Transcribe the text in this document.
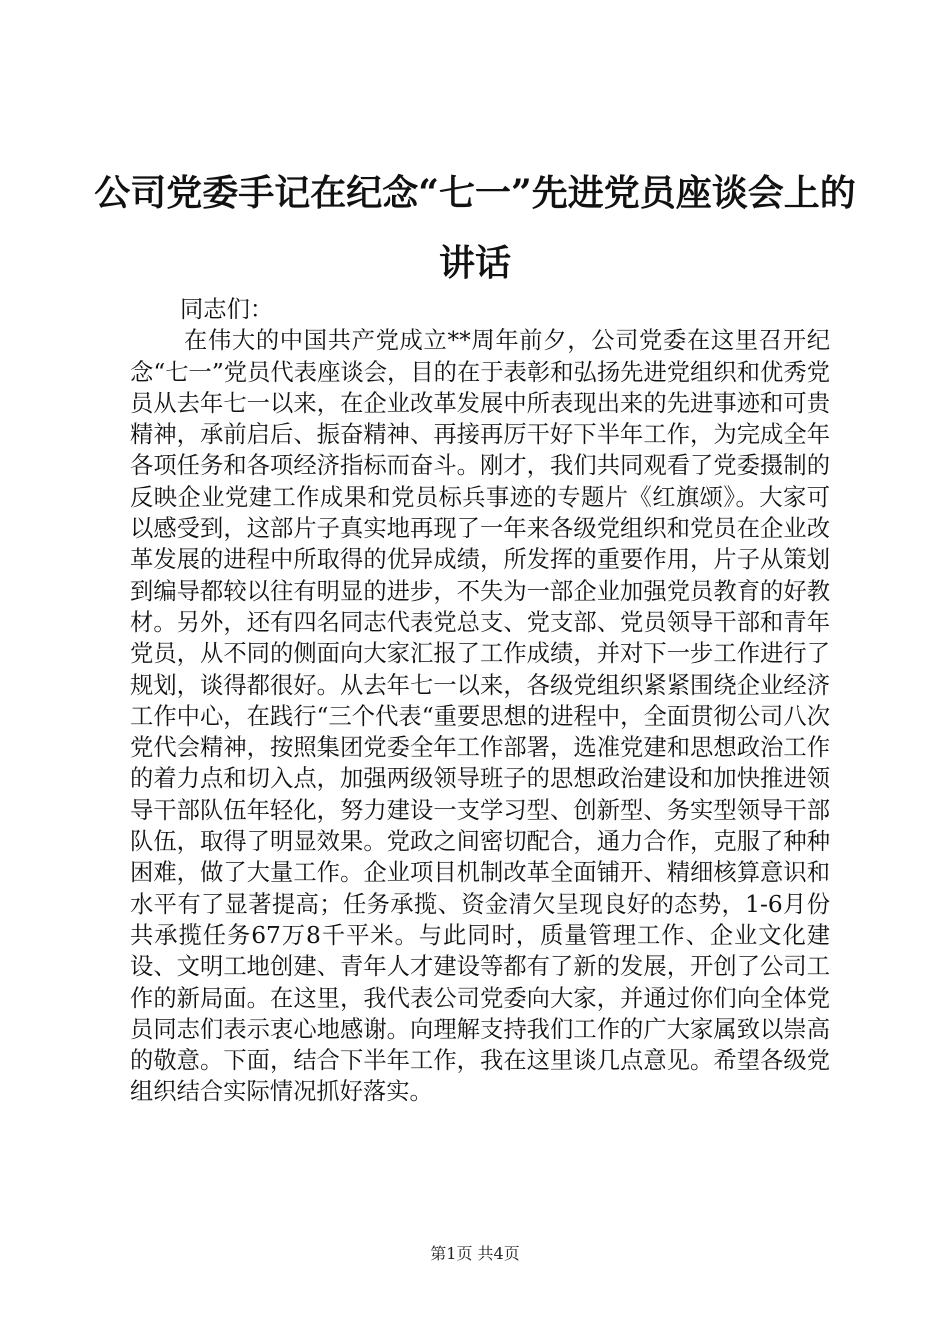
公司党委手记在纪念“七一”先进党员座谈会上的讲话

同志们：

在伟大的中国共产党成立**周年前夕，公司党委在这里召开纪念“七一”党员代表座谈会，目的在于表彰和弘扬先进党组织和优秀党员从去年七一以来，在企业改革发展中所表现出来的先进事迹和可贵精神，承前启后、振奋精神、再接再厉干好下半年工作，为完成全年各项任务和各项经济指标而奋斗。刚才，我们共同观看了党委摄制的反映企业党建工作成果和党员标兵事迹的专题片《红旗颂》。大家可以感受到，这部片子真实地再现了一年来各级党组织和党员在企业改革发展的进程中所取得的优异成绩，所发挥的重要作用，片子从策划到编导都较以往有明显的进步，不失为一部企业加强党员教育的好教材。另外，还有四名同志代表党总支、党支部、党员领导干部和青年党员，从不同的侧面向大家汇报了工作成绩，并对下一步工作进行了规划，谈得都很好。从去年七一以来，各级党组织紧紧围绕企业经济工作中心，在践行“三个代表“重要思想的进程中，全面贯彻公司八次党代会精神，按照集团党委全年工作部署，选准党建和思想政治工作的着力点和切入点，加强两级领导班子的思想政治建设和加快推进领导干部队伍年轻化，努力建设一支学习型、创新型、务实型领导干部队伍，取得了明显效果。党政之间密切配合，通力合作，克服了种种困难，做了大量工作。企业项目机制改革全面铺开、精细核算意识和水平有了显著提高；任务承揽、资金清欠呈现良好的态势，1-6月份共承揽任务67万8千平米。与此同时，质量管理工作、企业文化建设、文明工地创建、青年人才建设等都有了新的发展，开创了公司工作的新局面。在这里，我代表公司党委向大家，并通过你们向全体党员同志们表示衷心地感谢。向理解支持我们工作的广大家属致以崇高的敬意。下面，结合下半年工作，我在这里谈几点意见。希望各级党组织结合实际情况抓好落实。

第1页 共4页
